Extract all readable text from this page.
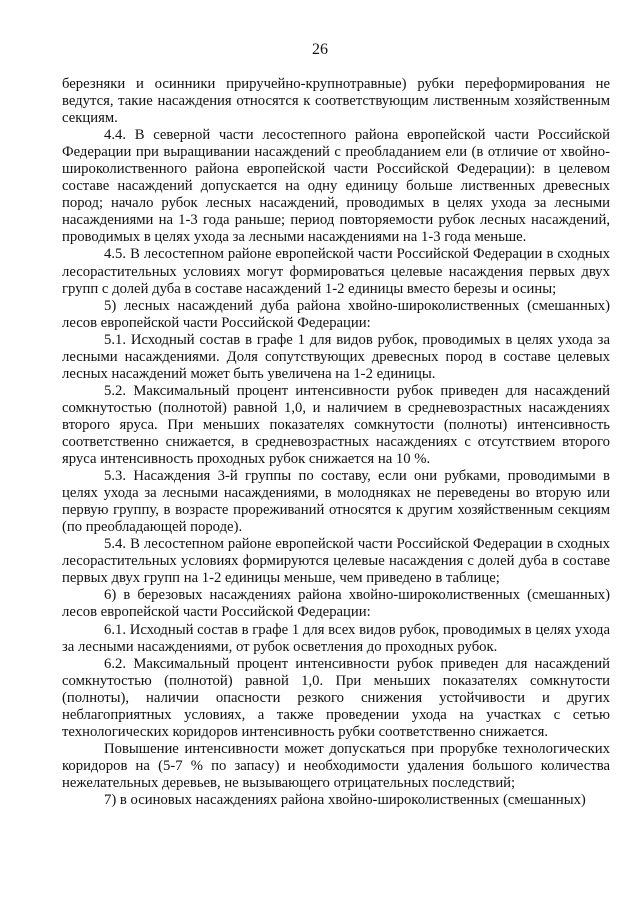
26

березняки и осинники приручейно-крупнотравные) рубки переформирования не ведутся, такие насаждения относятся к соответствующим лиственным хозяйственным секциям.

4.4. В северной части лесостепного района европейской части Российской Федерации при выращивании насаждений с преобладанием ели (в отличие от хвойно-широколиственного района европейской части Российской Федерации): в целевом составе насаждений допускается на одну единицу больше лиственных древесных пород; начало рубок лесных насаждений, проводимых в целях ухода за лесными насаждениями на 1-3 года раньше; период повторяемости рубок лесных насаждений, проводимых в целях ухода за лесными насаждениями на 1-3 года меньше.

4.5. В лесостепном районе европейской части Российской Федерации в сходных лесорастительных условиях могут формироваться целевые насаждения первых двух групп с долей дуба в составе насаждений 1-2 единицы вместо березы и осины;

5) лесных насаждений дуба района хвойно-широколиственных (смешанных) лесов европейской части Российской Федерации:

5.1. Исходный состав в графе 1 для видов рубок, проводимых в целях ухода за лесными насаждениями. Доля сопутствующих древесных пород в составе целевых лесных насаждений может быть увеличена на 1-2 единицы.

5.2. Максимальный процент интенсивности рубок приведен для насаждений сомкнутостью (полнотой) равной 1,0, и наличием в средневозрастных насаждениях второго яруса. При меньших показателях сомкнутости (полноты) интенсивность соответственно снижается, в средневозрастных насаждениях с отсутствием второго яруса интенсивность проходных рубок снижается на 10 %.

5.3. Насаждения 3-й группы по составу, если они рубками, проводимыми в целях ухода за лесными насаждениями, в молодняках не переведены во вторую или первую группу, в возрасте прореживаний относятся к другим хозяйственным секциям (по преобладающей породе).

5.4. В лесостепном районе европейской части Российской Федерации в сходных лесорастительных условиях формируются целевые насаждения с долей дуба в составе первых двух групп на 1-2 единицы меньше, чем приведено в таблице;

6) в березовых насаждениях района хвойно-широколиственных (смешанных) лесов европейской части Российской Федерации:

6.1. Исходный состав в графе 1 для всех видов рубок, проводимых в целях ухода за лесными насаждениями, от рубок осветления до проходных рубок.

6.2. Максимальный процент интенсивности рубок приведен для насаждений сомкнутостью (полнотой) равной 1,0. При меньших показателях сомкнутости (полноты), наличии опасности резкого снижения устойчивости и других неблагоприятных условиях, а также проведении ухода на участках с сетью технологических коридоров интенсивность рубки соответственно снижается.

Повышение интенсивности может допускаться при прорубке технологических коридоров на (5-7 % по запасу) и необходимости удаления большого количества нежелательных деревьев, не вызывающего отрицательных последствий;

7) в осиновых насаждениях района хвойно-широколиственных (смешанных)
